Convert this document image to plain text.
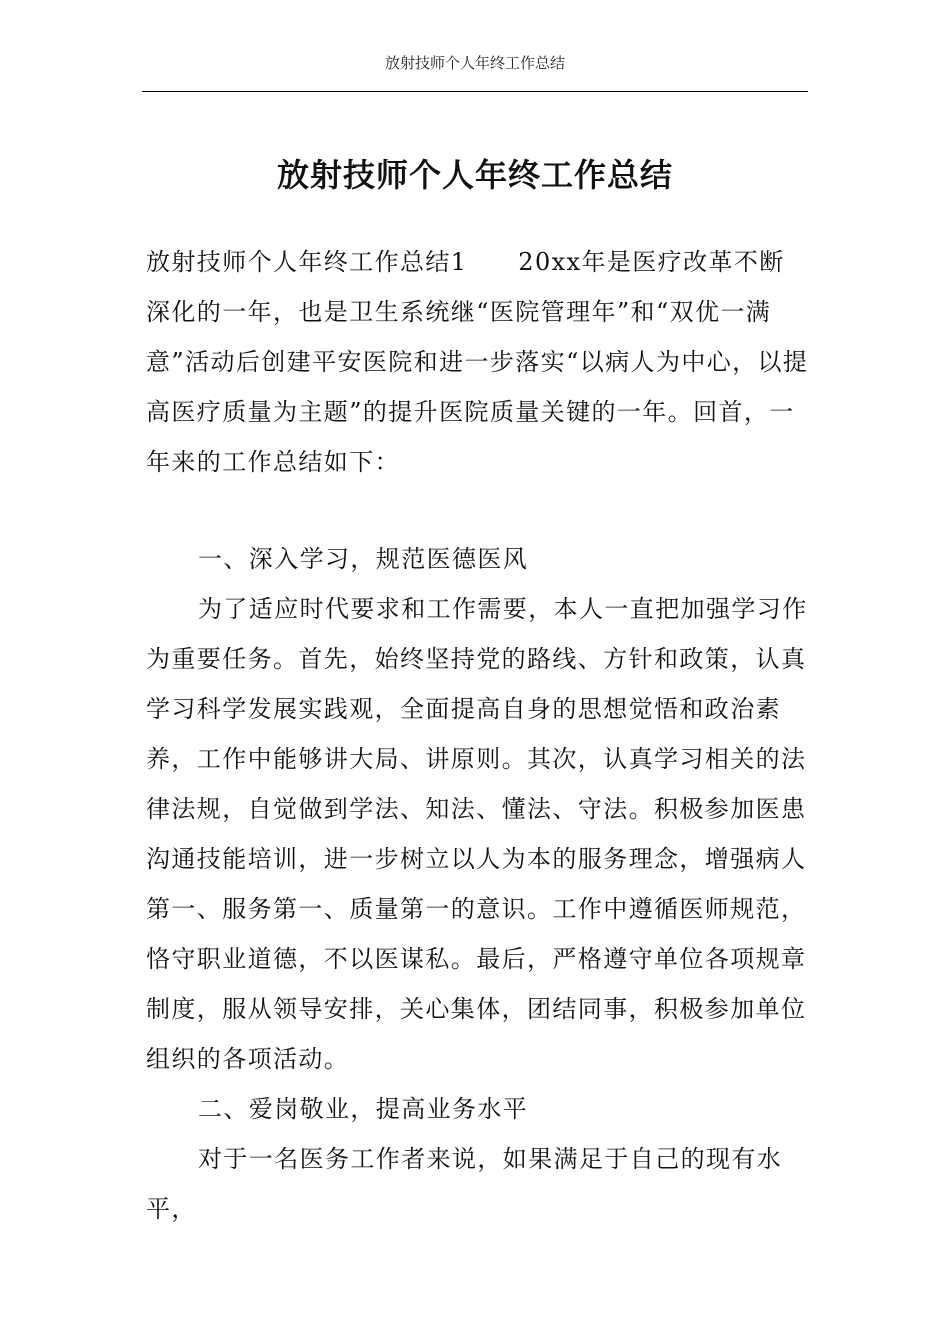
放射技师个人年终工作总结
放射技师个人年终工作总结

放射技师个人年终工作总结1　　20xx年是医疗改革不断深化的一年，也是卫生系统继“医院管理年”和“双优一满意”活动后创建平安医院和进一步落实“以病人为中心，以提高医疗质量为主题”的提升医院质量关键的一年。回首，一年来的工作总结如下：

一、深入学习，规范医德医风

为了适应时代要求和工作需要，本人一直把加强学习作为重要任务。首先，始终坚持党的路线、方针和政策，认真学习科学发展实践观，全面提高自身的思想觉悟和政治素养，工作中能够讲大局、讲原则。其次，认真学习相关的法律法规，自觉做到学法、知法、懂法、守法。积极参加医患沟通技能培训，进一步树立以人为本的服务理念，增强病人第一、服务第一、质量第一的意识。工作中遵循医师规范，恪守职业道德，不以医谋私。最后，严格遵守单位各项规章制度，服从领导安排，关心集体，团结同事，积极参加单位组织的各项活动。

二、爱岗敬业，提高业务水平

对于一名医务工作者来说，如果满足于自己的现有水平，
